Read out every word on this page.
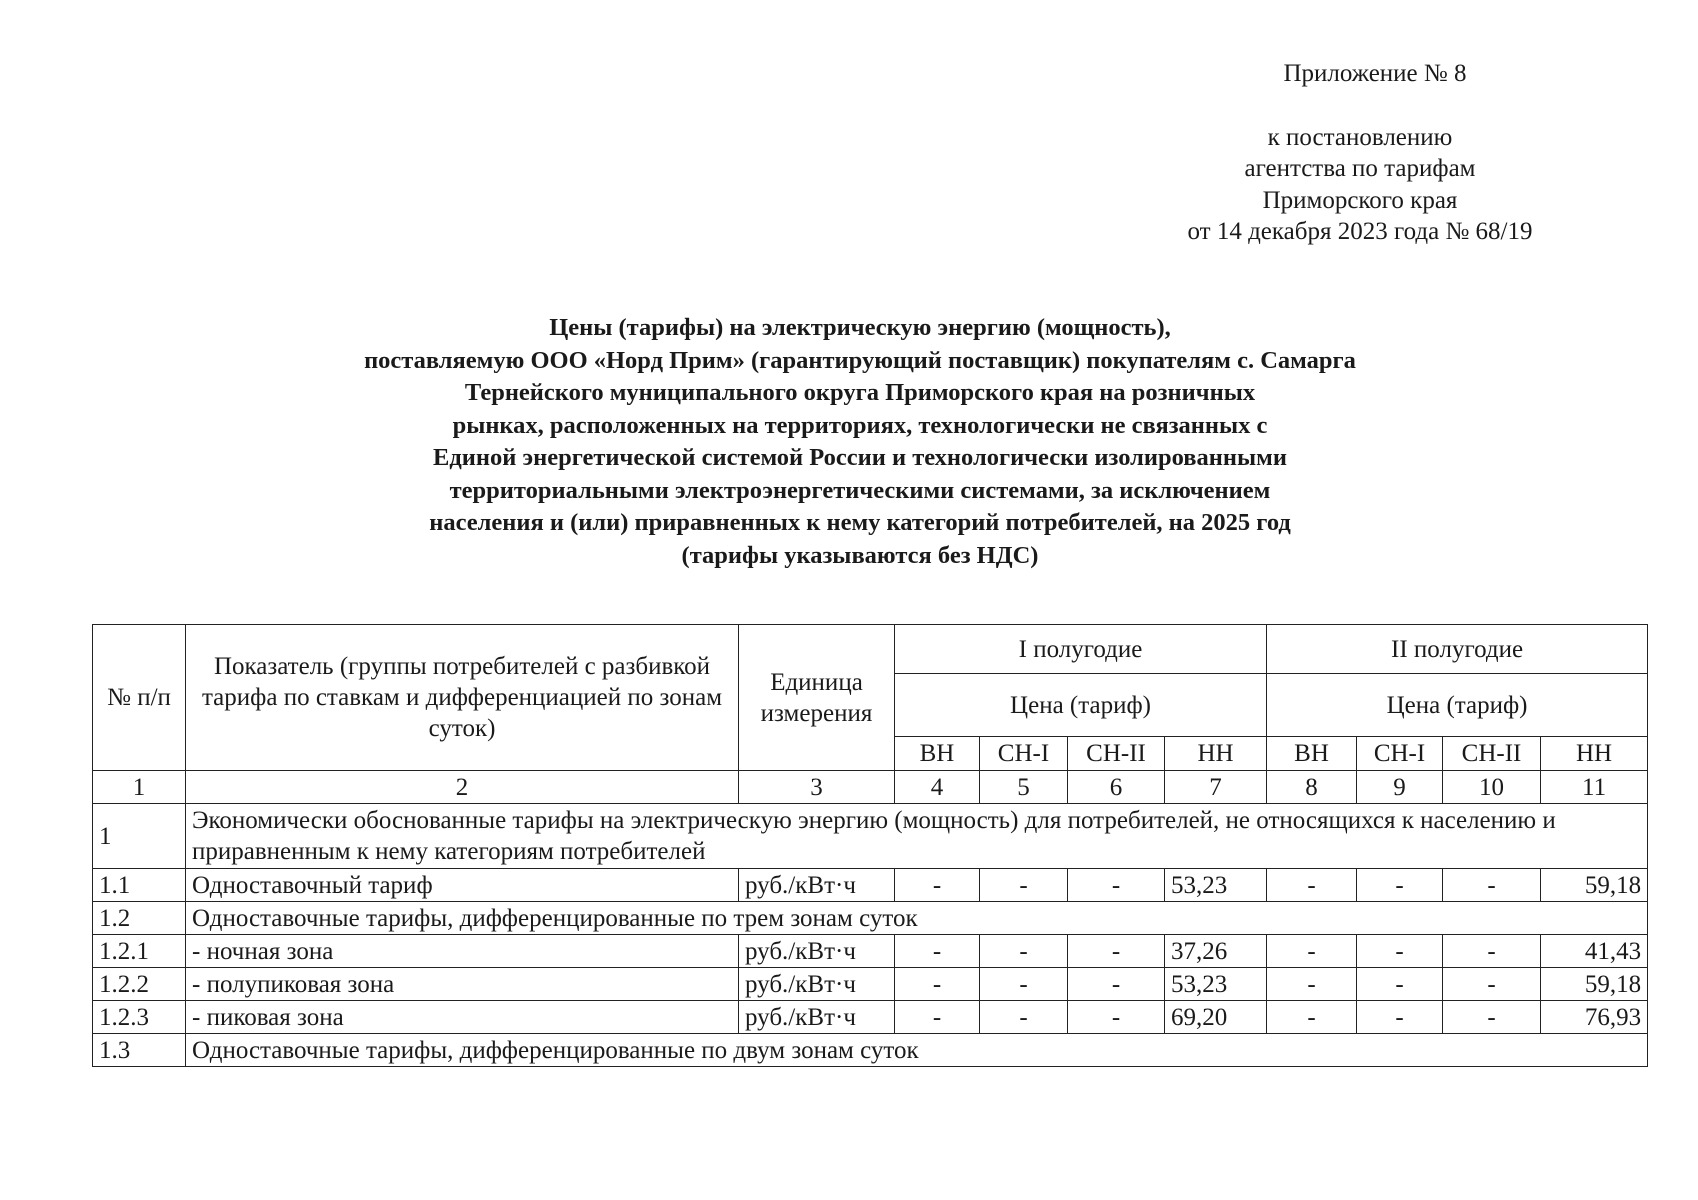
Приложение № 8
к постановлению
агентства по тарифам
Приморского края
от 14 декабря 2023 года № 68/19
Цены (тарифы) на электрическую энергию (мощность),
поставляемую ООО «Норд Прим» (гарантирующий поставщик) покупателям с. Самарга
Тернейского муниципального округа Приморского края на розничных
рынках, расположенных на территориях, технологически не связанных с
Единой энергетической системой России и технологически изолированными
территориальными электроэнергетическими системами, за исключением
населения и (или) приравненных к нему категорий потребителей, на 2025 год
(тарифы указываются без НДС)
№ п/п	Показатель (группы потребителей с разбивкой тарифа по ставкам и дифференциацией по зонам суток)	Единица измерения	I полугодие				II полугодие			
			Цена (тариф)				Цена (тариф)			
			ВН	СН-I	СН-II	НН	ВН	СН-I	СН-II	НН
1	2	3	4	5	6	7	8	9	10	11
1	Экономически обоснованные тарифы на электрическую энергию (мощность) для потребителей, не относящихся к населению и приравненным к нему категориям потребителей									
1.1	Одноставочный тариф	руб./кВт·ч	-	-	-	53,23	-	-	-	59,18
1.2	Одноставочные тарифы, дифференцированные по трем зонам суток									
1.2.1	- ночная зона	руб./кВт·ч	-	-	-	37,26	-	-	-	41,43
1.2.2	- полупиковая зона	руб./кВт·ч	-	-	-	53,23	-	-	-	59,18
1.2.3	- пиковая зона	руб./кВт·ч	-	-	-	69,20	-	-	-	76,93
1.3	Одноставочные тарифы, дифференцированные по двум зонам суток									
